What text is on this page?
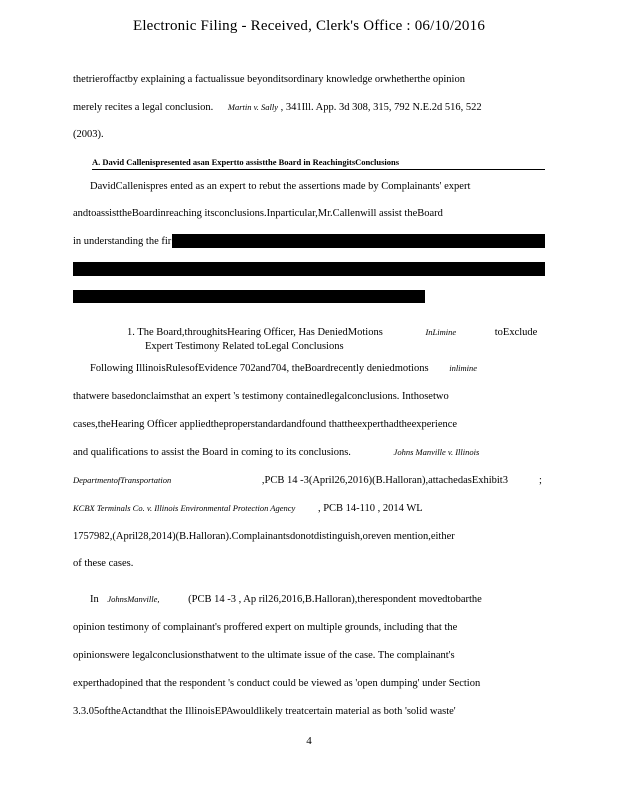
Electronic Filing - Received, Clerk's Office : 06/10/2016
thetrieroffactby explaining a factualissue beyonditsordinary knowledge orwhetherthe opinion
merely recites a legal conclusion. Martin v. Sally , 341Ill. App. 3d 308, 315, 792 N.E.2d 516, 522
(2003).
A. David Callenispresented asan Expertto assistthe Board in ReachingitsConclusions
DavidCallenispres ented as an expert to rebut the assertions made by Complainants' expert
andtoassisttheBoardinreaching itsconclusions.Inparticular,Mr.Callenwill assist theBoard
in understanding the fir
1. The Board,throughitsHearing Officer, Has DeniedMotions	InLimine	toExclude
Expert Testimony Related toLegal Conclusions
Following IllinoisRulesofEvidence 702and704, theBoardrecently deniedmotions inlimine
thatwere basedonclaimsthat an expert 's testimony containedlegalconclusions. Inthosetwo
cases,theHearing Officer appliedtheproperstandardandfound thattheexperthadtheexperience
and qualifications to assist the Board in coming to its conclusions.	Johns Manville v. Illinois
DepartmentofTransportation	,PCB 14 -3(April26,2016)(B.Halloran),attachedasExhibit3	;
KCBX Terminals Co. v. Illinois Environmental Protection Agency , PCB 14-110 , 2014 WL
1757982,(April28,2014)(B.Halloran).Complainantsdonotdistinguish,oreven mention,either
of these cases.
In JohnsManville,	(PCB 14 -3 , Ap ril26,2016,B.Halloran),therespondent movedtobarthe
opinion testimony of complainant's proffered expert on multiple grounds, including that the
opinionswere legalconclusionsthatwent to the ultimate issue of the case. The complainant's
experthadopined that the respondent 's conduct could be viewed as 'open dumping' under Section
3.3.05oftheActandthat the IllinoisEPAwouldlikely treatcertain material as both 'solid waste'
4
